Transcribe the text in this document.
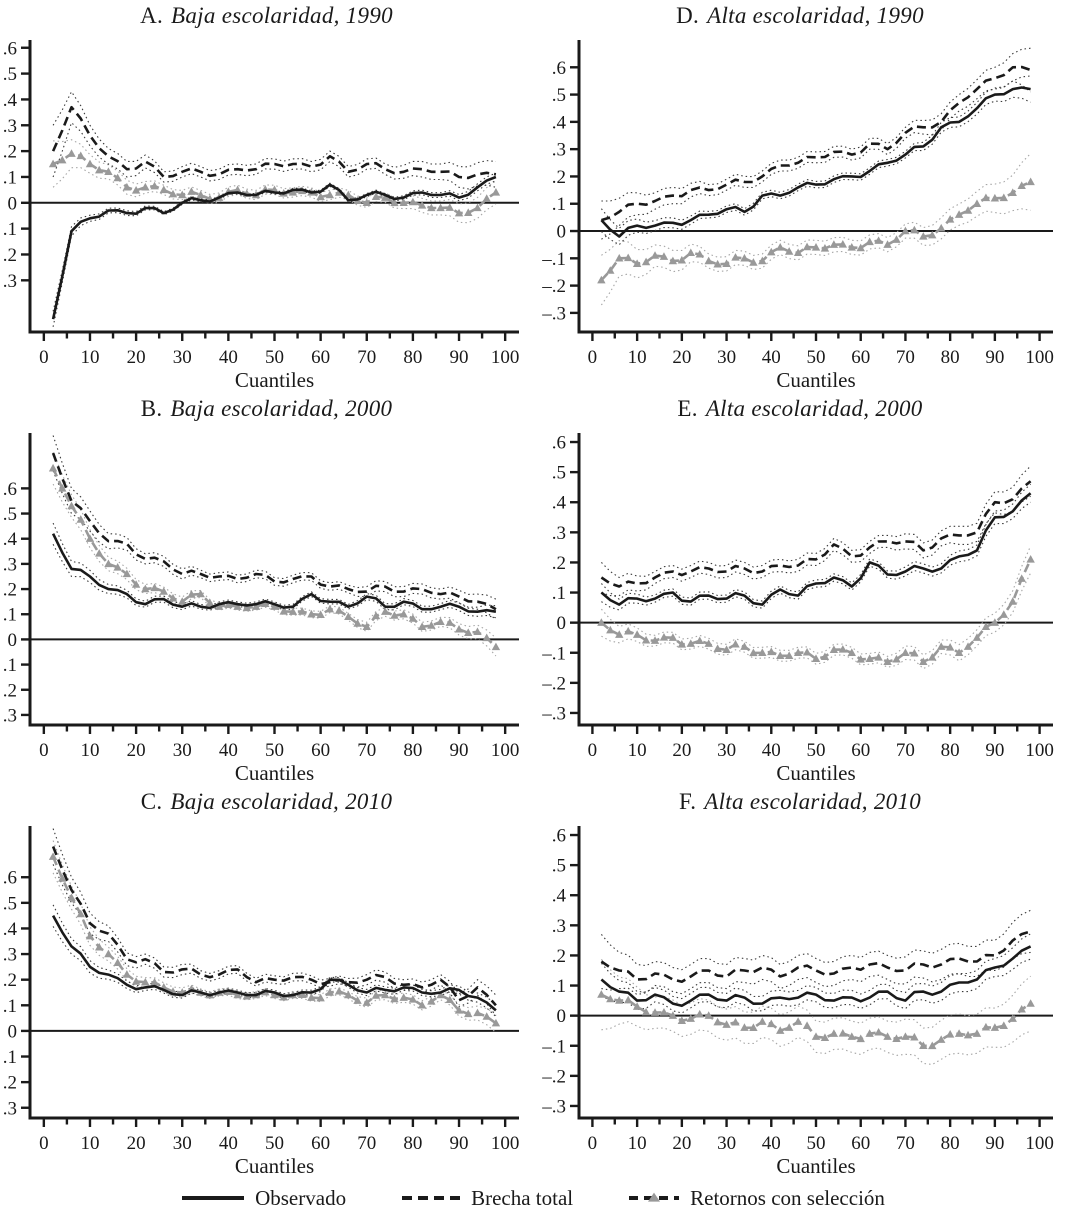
A. Baja escolaridad, 1990
.6
.5
.4
.3
.2
.1
0
.1
.2
.3
0 10 20 30 40 50 60 70 80 90 100
Cuantiles
D. Alta escolaridad, 1990
.6
.5
.4
.3
.2
.1
0
–.1
–.2
–.3
0 10 20 30 40 50 60 70 80 90 100
Cuantiles
B. Baja escolaridad, 2000
.6
.5
.4
.3
.2
.1
0
.1
.2
.3
0 10 20 30 40 50 60 70 80 90 100
Cuantiles
E. Alta escolaridad, 2000
.6
.5
.4
.3
.2
.1
0
–.1
–.2
–.3
0 10 20 30 40 50 60 70 80 90 100
Cuantiles
C. Baja escolaridad, 2010
.6
.5
.4
.3
.2
.1
0
.1
.2
.3
0 10 20 30 40 50 60 70 80 90 100
Cuantiles
F. Alta escolaridad, 2010
.6
.5
.4
.3
.2
.1
0
–.1
–.2
–.3
0 10 20 30 40 50 60 70 80 90 100
Cuantiles
Observado	Brecha total	Retornos con selección
